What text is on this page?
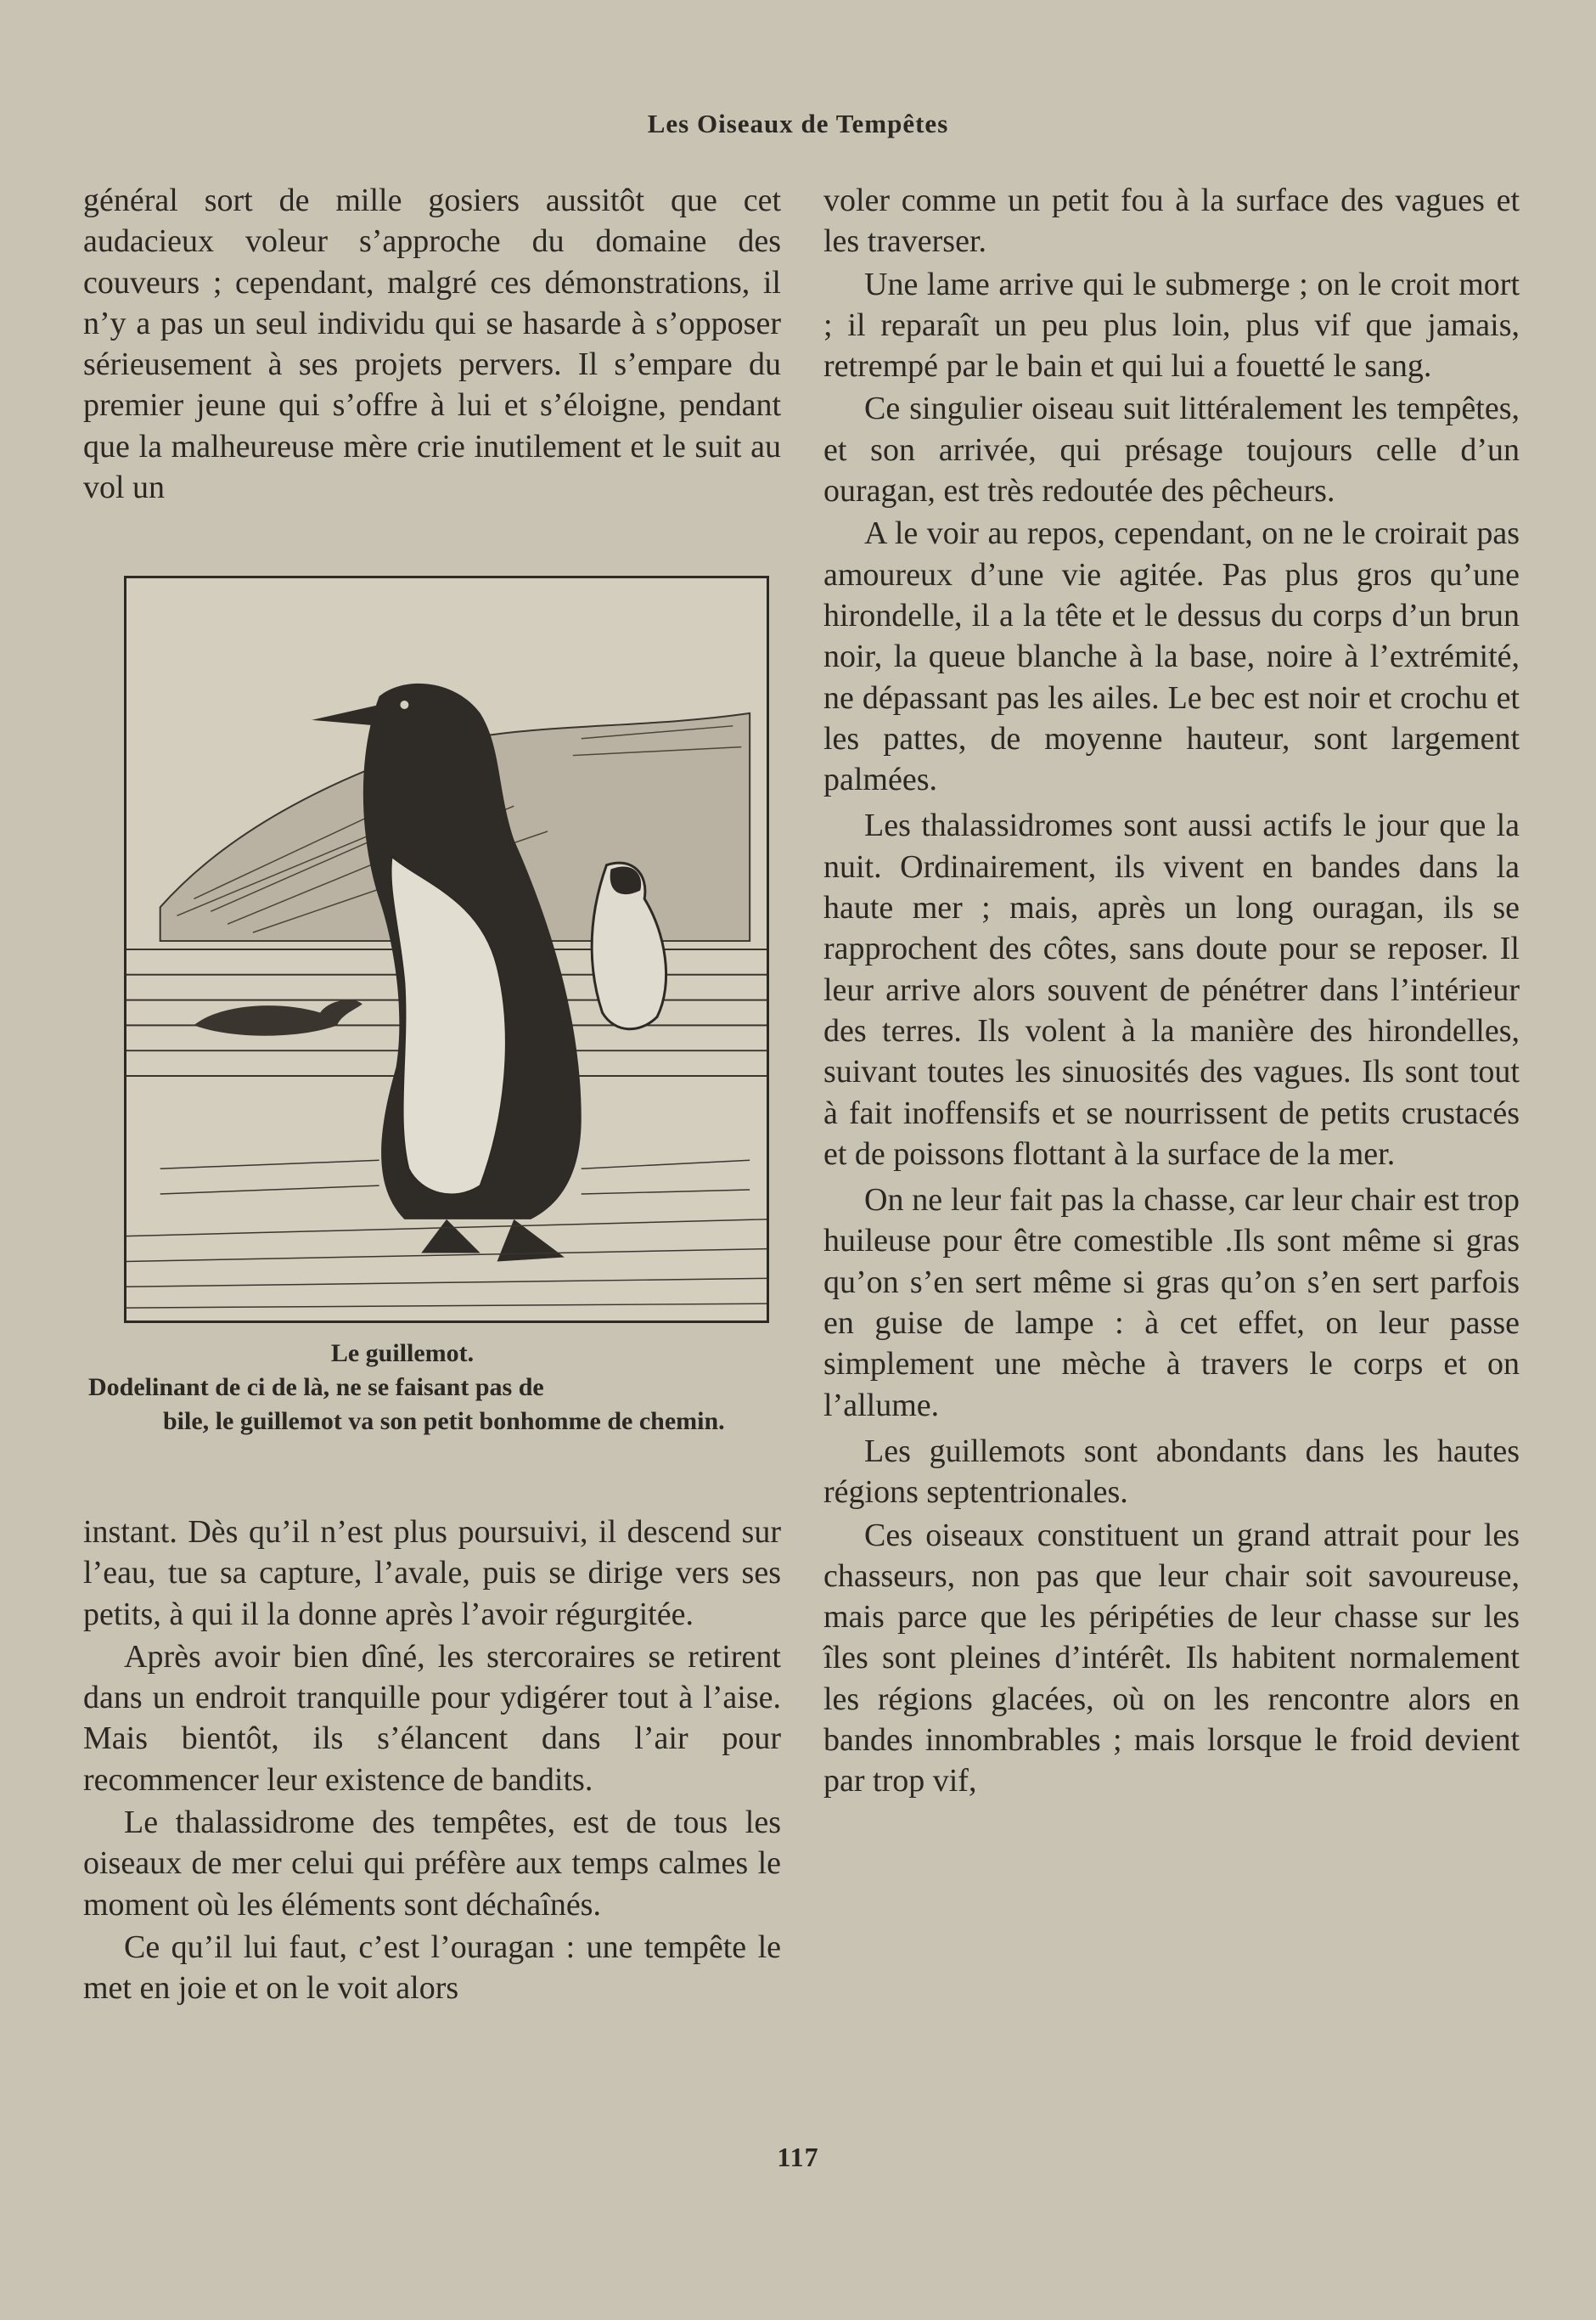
Les Oiseaux de Tempêtes

général sort de mille gosiers aussitôt que cet audacieux voleur s’approche du domaine des couveurs ; cependant, malgré ces démonstrations, il n’y a pas un seul individu qui se hasarde à s’opposer sérieusement à ses projets pervers. Il s’empare du premier jeune qui s’offre à lui et s’éloigne, pendant que la malheureuse mère crie inutilement et le suit au vol un

Le guillemot.
Dodelinant de ci de là, ne se faisant pas de
bile, le guillemot va son petit bonhomme de chemin.

instant. Dès qu’il n’est plus poursuivi, il descend sur l’eau, tue sa capture, l’avale, puis se dirige vers ses petits, à qui il la donne après l’avoir régurgitée.

Après avoir bien dîné, les stercoraires se retirent dans un endroit tranquille pour ydigérer tout à l’aise. Mais bientôt, ils s’élancent dans l’air pour recommencer leur existence de bandits.

Le thalassidrome des tempêtes, est de tous les oiseaux de mer celui qui préfère aux temps calmes le moment où les éléments sont déchaînés.

Ce qu’il lui faut, c’est l’ouragan : une tempête le met en joie et on le voit alors

voler comme un petit fou à la surface des vagues et les traverser.

Une lame arrive qui le submerge ; on le croit mort ; il reparaît un peu plus loin, plus vif que jamais, retrempé par le bain et qui lui a fouetté le sang.

Ce singulier oiseau suit littéralement les tempêtes, et son arrivée, qui présage toujours celle d’un ouragan, est très redoutée des pêcheurs.

A le voir au repos, cependant, on ne le croirait pas amoureux d’une vie agitée. Pas plus gros qu’une hirondelle, il a la tête et le dessus du corps d’un brun noir, la queue blanche à la base, noire à l’extrémité, ne dépassant pas les ailes. Le bec est noir et crochu et les pattes, de moyenne hauteur, sont largement palmées.

Les thalassidromes sont aussi actifs le jour que la nuit. Ordinairement, ils vivent en bandes dans la haute mer ; mais, après un long ouragan, ils se rapprochent des côtes, sans doute pour se reposer. Il leur arrive alors souvent de pénétrer dans l’intérieur des terres. Ils volent à la manière des hirondelles, suivant toutes les sinuosités des vagues. Ils sont tout à fait inoffensifs et se nourrissent de petits crustacés et de poissons flottant à la surface de la mer.

On ne leur fait pas la chasse, car leur chair est trop huileuse pour être comestible .Ils sont même si gras qu’on s’en sert même si gras qu’on s’en sert parfois en guise de lampe : à cet effet, on leur passe simplement une mèche à travers le corps et on l’allume.

Les guillemots sont abondants dans les hautes régions septentrionales.

Ces oiseaux constituent un grand attrait pour les chasseurs, non pas que leur chair soit savoureuse, mais parce que les péripéties de leur chasse sur les îles sont pleines d’intérêt. Ils habitent normalement les régions glacées, où on les rencontre alors en bandes innombrables ; mais lorsque le froid devient par trop vif,

117
